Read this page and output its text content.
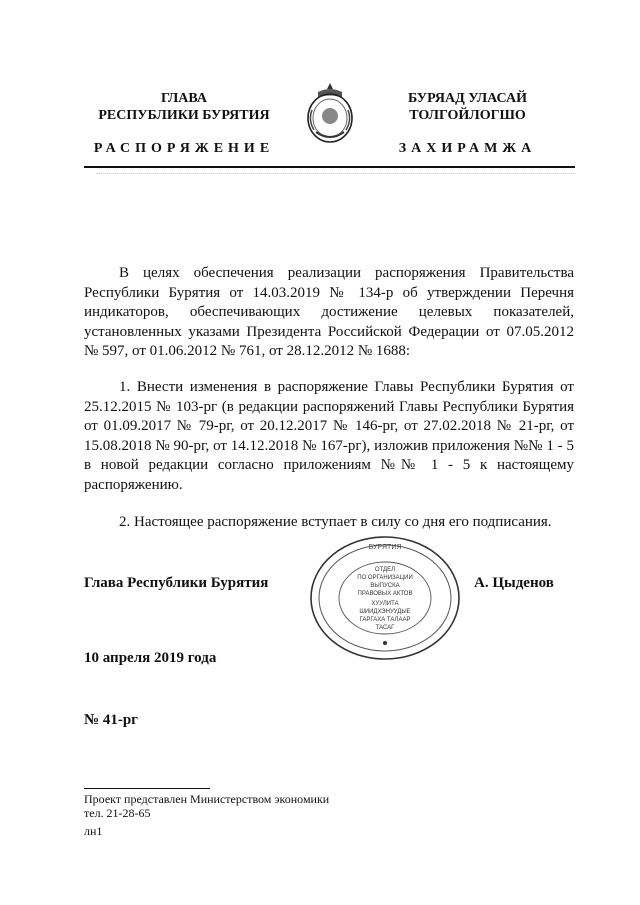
ГЛАВА
РЕСПУБЛИКИ БУРЯТИЯ
БУРЯАД УЛАСАЙ
ТОЛГОЙЛОГШО
РАСПОРЯЖЕНИЕ	ЗАХИРАМЖА
В целях обеспечения реализации распоряжения Правительства Республики Бурятия от 14.03.2019 № 134-р об утверждении Перечня индикаторов, обеспечивающих достижение целевых показателей, установленных указами Президента Российской Федерации от 07.05.2012 № 597, от 01.06.2012 № 761, от 28.12.2012 № 1688:
1. Внести изменения в распоряжение Главы Республики Бурятия от 25.12.2015 № 103-рг (в редакции распоряжений Главы Республики Бурятия от 01.09.2017 № 79-рг, от 20.12.2017 № 146-рг, от 27.02.2018 № 21-рг, от 15.08.2018 № 90-рг, от 14.12.2018 № 167-рг), изложив приложения №№ 1 - 5 в новой редакции согласно приложениям №№ 1 - 5 к настоящему распоряжению.
2. Настоящее распоряжение вступает в силу со дня его подписания.
Глава Республики Бурятия
БУРЯТИЯ
ОТДЕЛ
ПО ОРГАНИЗАЦИИ
ВЫПУСКА
ПРАВОВЫХ АКТОВ
ХУУЛИТА
ШИИДХЭНУУДЫЕ
ГАРГАХА ТАЛААР
ТАСАГ
А. Цыденов
10 апреля 2019 года
№ 41-рг
Проект представлен Министерством экономики
тел. 21-28-65
лн1
